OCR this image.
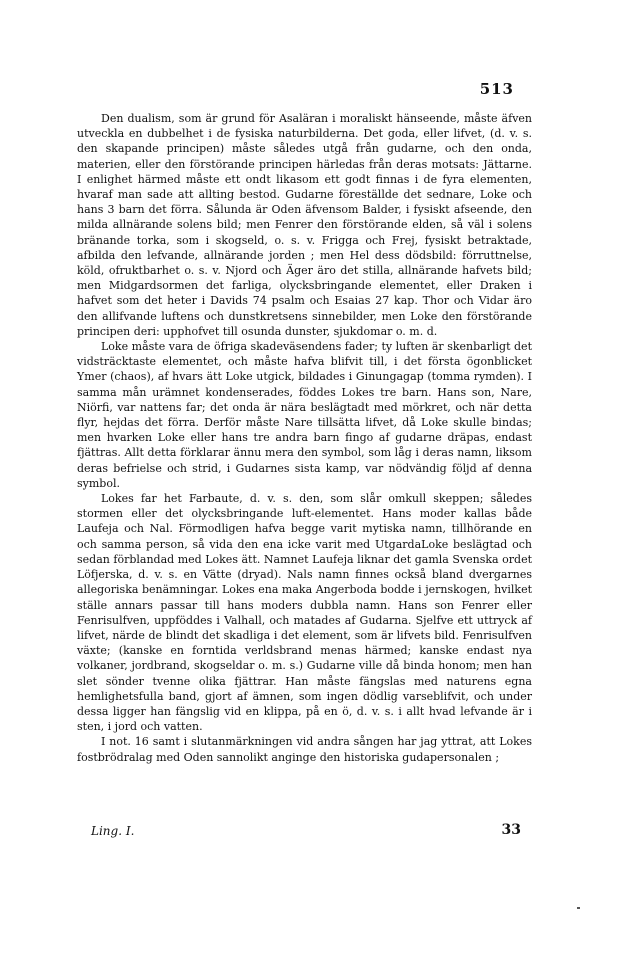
513

Den dualism, som är grund för Asaläran i moraliskt hänseende, måste äfven utveckla en dubbelhet i de fysiska naturbilderna. Det goda, eller lifvet, (d. v. s. den skapande principen) måste således utgå från gudarne, och den onda, materien, eller den förstörande principen härledas från deras motsats: Jättarne. I enlighet härmed måste ett ondt likasom ett godt finnas i de fyra elementen, hvaraf man sade att allting bestod. Gudarne föreställde det sednare, Loke och hans 3 barn det förra. Sålunda är Oden äfvensom Balder, i fysiskt afseende, den milda allnärande solens bild; men Fenrer den förstörande elden, så väl i solens bränande torka, som i skogseld, o. s. v. Frigga och Frej, fysiskt betraktade, afbilda den lefvande, allnärande jorden ; men Hel dess dödsbild: förruttnelse, köld, ofruktbarhet o. s. v. Njord och Äger äro det stilla, allnärande hafvets bild; men Midgardsormen det farliga, olycksbringande elementet, eller Draken i hafvet som det heter i Davids 74 psalm och Esaias 27 kap. Thor och Vidar äro den allifvande luftens och dunstkretsens sinnebilder, men Loke den förstörande principen deri: upphofvet till osunda dunster, sjukdomar o. m. d.

Loke måste vara de öfriga skadeväsendens fader; ty luften är skenbarligt det vidsträcktaste elementet, och måste hafva blifvit till, i det första ögonblicket Ymer (chaos), af hvars ätt Loke utgick, bildades i Ginungagap (tomma rymden). I samma mån urämnet kondenserades, föddes Lokes tre barn. Hans son, Nare, Niörfi, var nattens far; det onda är nära beslägtadt med mörkret, och när detta flyr, hejdas det förra. Derför måste Nare tillsätta lifvet, då Loke skulle bindas; men hvarken Loke eller hans tre andra barn fingo af gudarne dräpas, endast fjättras. Allt detta förklarar ännu mera den symbol, som låg i deras namn, liksom deras befrielse och strid, i Gudarnes sista kamp, var nödvändig följd af denna symbol.

Lokes far het Farbaute, d. v. s. den, som slår omkull skeppen; således stormen eller det olycksbringande luft-elementet. Hans moder kallas både Laufeja och Nal. Förmodligen hafva begge varit mytiska namn, tillhörande en och samma person, så vida den ena icke varit med UtgardaLoke beslägtad och sedan förblandad med Lokes ätt. Namnet Laufeja liknar det gamla Svenska ordet Löfjerska, d. v. s. en Vätte (dryad). Nals namn finnes också bland dvergarnes allegoriska benämningar. Lokes ena maka Angerboda bodde i jernskogen, hvilket ställe annars passar till hans moders dubbla namn. Hans son Fenrer eller Fenrisulfven, uppföddes i Valhall, och matades af Gudarna. Sjelfve ett uttryck af lifvet, närde de blindt det skadliga i det element, som är lifvets bild. Fenrisulfven växte; (kanske en forntida verldsbrand menas härmed; kanske endast nya volkaner, jordbrand, skogseldar o. m. s.) Gudarne ville då binda honom; men han slet sönder tvenne olika fjättrar. Han måste fängslas med naturens egna hemlighetsfulla band, gjort af ämnen, som ingen dödlig varseblifvit, och under dessa ligger han fängslig vid en klippa, på en ö, d. v. s. i allt hvad lefvande är i sten, i jord och vatten.

I not. 16 samt i slutanmärkningen vid andra sången har jag yttrat, att Lokes fostbrödralag med Oden sannolikt anginge den historiska gudapersonalen ;

Ling. I.	33
